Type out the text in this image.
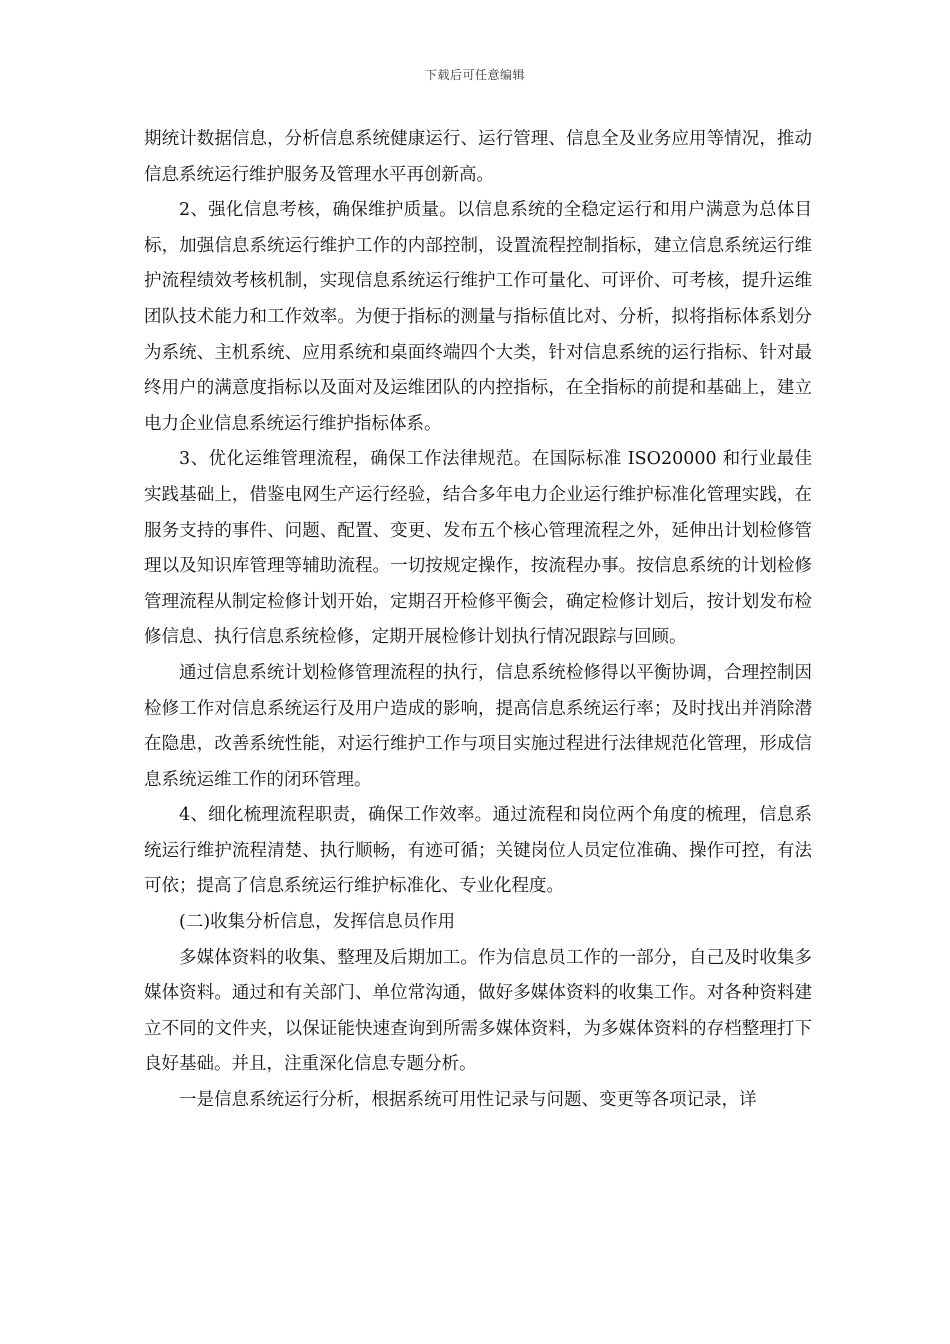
下载后可任意编辑

期统计数据信息，分析信息系统健康运行、运行管理、信息全及业务应用等情况，推动信息系统运行维护服务及管理水平再创新高。

2、强化信息考核，确保维护质量。以信息系统的全稳定运行和用户满意为总体目标，加强信息系统运行维护工作的内部控制，设置流程控制指标，建立信息系统运行维护流程绩效考核机制，实现信息系统运行维护工作可量化、可评价、可考核，提升运维团队技术能力和工作效率。为便于指标的测量与指标值比对、分析，拟将指标体系划分为系统、主机系统、应用系统和桌面终端四个大类，针对信息系统的运行指标、针对最终用户的满意度指标以及面对及运维团队的内控指标，在全指标的前提和基础上，建立电力企业信息系统运行维护指标体系。

3、优化运维管理流程，确保工作法律规范。在国际标准 ISO20000 和行业最佳实践基础上，借鉴电网生产运行经验，结合多年电力企业运行维护标准化管理实践，在服务支持的事件、问题、配置、变更、发布五个核心管理流程之外，延伸出计划检修管理以及知识库管理等辅助流程。一切按规定操作，按流程办事。按信息系统的计划检修管理流程从制定检修计划开始，定期召开检修平衡会，确定检修计划后，按计划发布检修信息、执行信息系统检修，定期开展检修计划执行情况跟踪与回顾。

通过信息系统计划检修管理流程的执行，信息系统检修得以平衡协调，合理控制因检修工作对信息系统运行及用户造成的影响，提高信息系统运行率；及时找出并消除潜在隐患，改善系统性能，对运行维护工作与项目实施过程进行法律规范化管理，形成信息系统运维工作的闭环管理。

4、细化梳理流程职责，确保工作效率。通过流程和岗位两个角度的梳理，信息系统运行维护流程清楚、执行顺畅，有迹可循；关键岗位人员定位准确、操作可控，有法可依；提高了信息系统运行维护标准化、专业化程度。

(二)收集分析信息，发挥信息员作用

多媒体资料的收集、整理及后期加工。作为信息员工作的一部分，自己及时收集多媒体资料。通过和有关部门、单位常沟通，做好多媒体资料的收集工作。对各种资料建立不同的文件夹，以保证能快速查询到所需多媒体资料，为多媒体资料的存档整理打下良好基础。并且，注重深化信息专题分析。

一是信息系统运行分析，根据系统可用性记录与问题、变更等各项记录，详
